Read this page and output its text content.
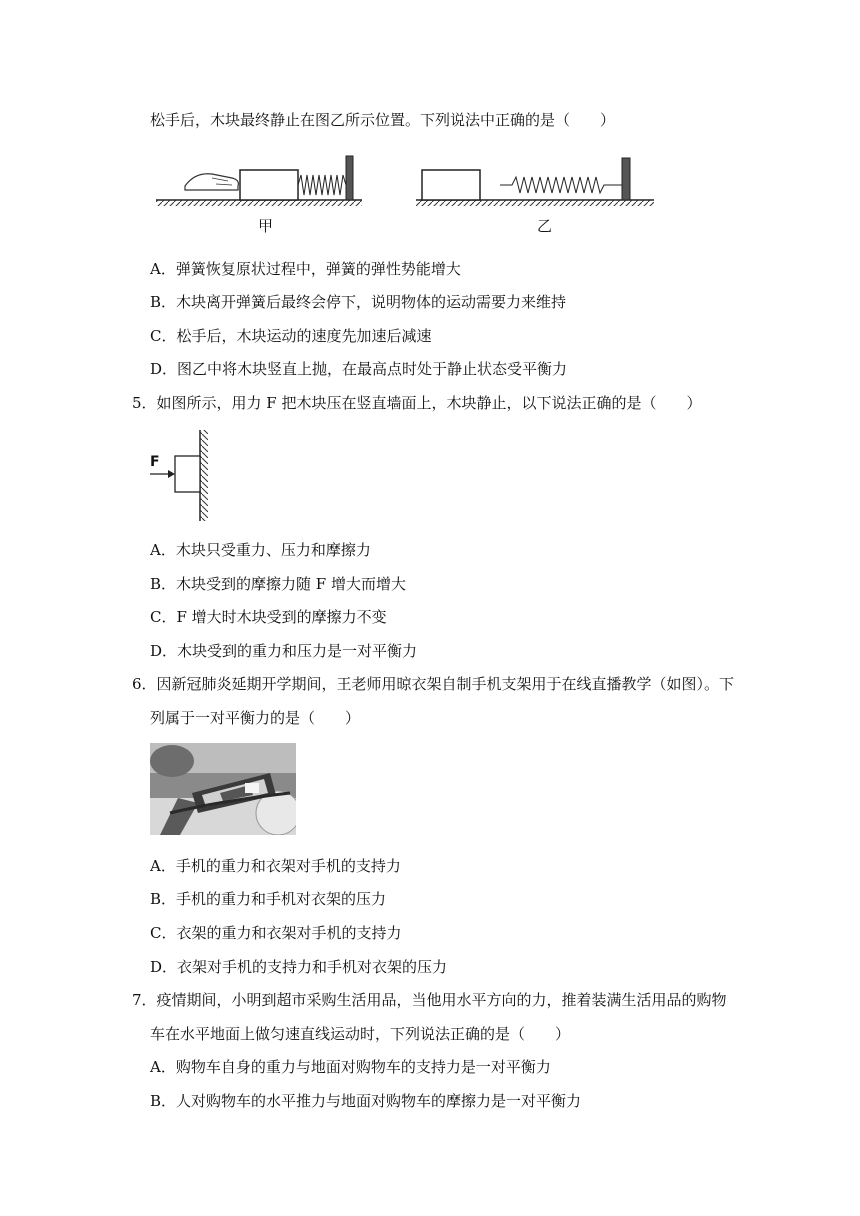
松手后，木块最终静止在图乙所示位置。下列说法中正确的是（　　）
甲	乙
A．弹簧恢复原状过程中，弹簧的弹性势能增大
B．木块离开弹簧后最终会停下，说明物体的运动需要力来维持
C．松手后，木块运动的速度先加速后减速
D．图乙中将木块竖直上抛，在最高点时处于静止状态受平衡力
5．如图所示，用力 F 把木块压在竖直墙面上，木块静止，以下说法正确的是（　　）
F
A．木块只受重力、压力和摩擦力
B．木块受到的摩擦力随 F 增大而增大
C．F 增大时木块受到的摩擦力不变
D．木块受到的重力和压力是一对平衡力
6．因新冠肺炎延期开学期间，王老师用晾衣架自制手机支架用于在线直播教学（如图）。下
列属于一对平衡力的是（　　）
A．手机的重力和衣架对手机的支持力
B．手机的重力和手机对衣架的压力
C．衣架的重力和衣架对手机的支持力
D．衣架对手机的支持力和手机对衣架的压力
7．疫情期间，小明到超市采购生活用品，当他用水平方向的力，推着装满生活用品的购物
车在水平地面上做匀速直线运动时，下列说法正确的是（　　）
A．购物车自身的重力与地面对购物车的支持力是一对平衡力
B．人对购物车的水平推力与地面对购物车的摩擦力是一对平衡力
